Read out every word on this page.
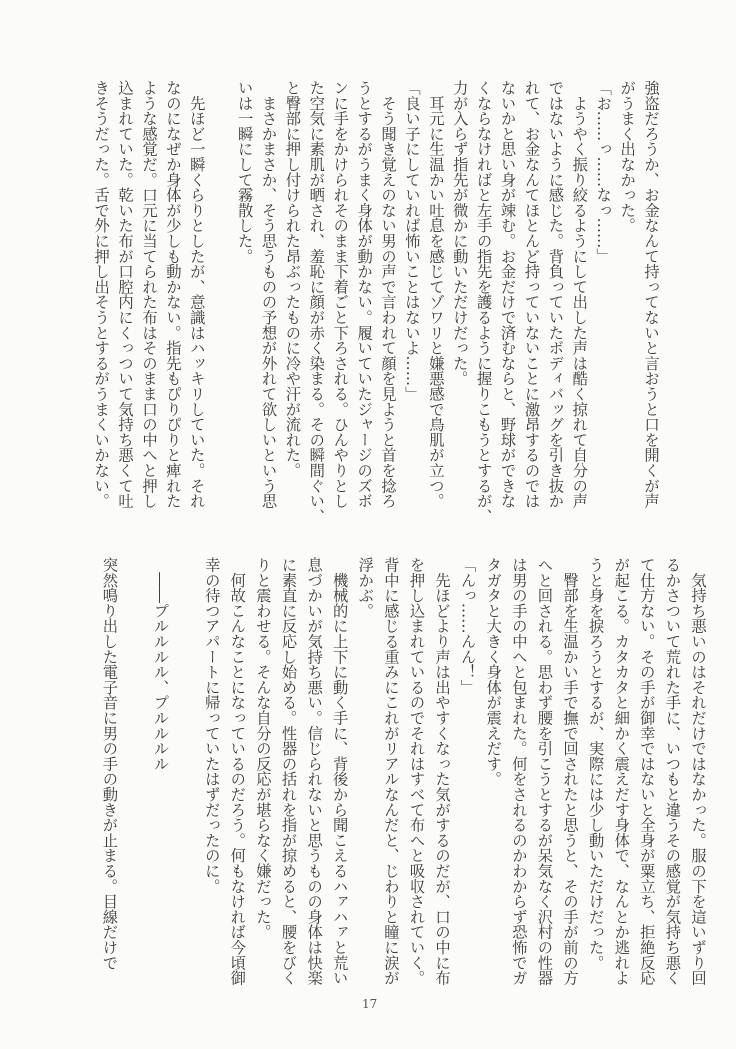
強盗だろうか、お金なんて持ってないと言おうと口を開くが声
がうまく出なかった。
「お……っ……なっ……」
　ようやく振り絞るようにして出した声は酷く掠れて自分の声
ではないように感じた。背負っていたボディバッグを引き抜か
れて、お金なんてほとんど持っていないことに激昂するのでは
ないかと思い身が竦む。お金だけで済むならと、野球ができな
くならなければと左手の指先を護るように握りこもうとするが、
力が入らず指先が微かに動いただけだった。
　耳元に生温かい吐息を感じてゾワリと嫌悪感で鳥肌が立つ。
「良い子にしていれば怖いことはないよ……」
　そう聞き覚えのない男の声で言われて顔を見ようと首を捻ろ
うとするがうまく身体が動かない。履いていたジャージのズボ
ンに手をかけられそのまま下着ごと下ろされる。ひんやりとし
た空気に素肌が晒され、羞恥に顔が赤く染まる。その瞬間ぐい、
と臀部に押し付けられた昂ぶったものに冷や汗が流れた。
　まさかまさか、そう思うものの予想が外れて欲しいという思
いは一瞬にして霧散した。
　先ほど一瞬くらりとしたが、意識はハッキリしていた。それ
なのになぜか身体が少しも動かない。指先もぴりぴりと痺れた
ような感覚だ。口元に当てられた布はそのまま口の中へと押し
込まれていた。乾いた布が口腔内にくっついて気持ち悪くて吐
きそうだった。舌で外に押し出そうとするがうまくいかない。
　気持ち悪いのはそれだけではなかった。服の下を這いずり回
るかさついて荒れた手に、いつもと違うその感覚が気持ち悪く
て仕方ない。その手が御幸ではないと全身が粟立ち、拒絶反応
が起こる。カタカタと細かく震えだす身体で、なんとか逃れよ
うと身を捩ろうとするが、実際には少し動いただけだった。
　臀部を生温かい手で撫で回されたと思うと、その手が前の方
へと回される。思わず腰を引こうとするが呆気なく沢村の性器
は男の手の中へと包まれた。何をされるのかわからず恐怖でガ
タガタと大きく身体が震えだす。
「んっ……んん！」
　先ほどより声は出やすくなった気がするのだが、口の中に布
を押し込まれているのでそれはすべて布へと吸収されていく。
背中に感じる重みにこれがリアルなんだと、じわりと瞳に涙が
浮かぶ。
　機械的に上下に動く手に、背後から聞こえるハァハァと荒い
息づかいが気持ち悪い。信じられないと思うものの身体は快楽
に素直に反応し始める。性器の括れを指が掠めると、腰をびく
りと震わせる。そんな自分の反応が堪らなく嫌だった。
　何故こんなことになっているのだろう。何もなければ今頃御
幸の待つアパートに帰っていたはずだったのに。
　――プルルルル、プルルルル
突然鳴り出した電子音に男の手の動きが止まる。目線だけで
17
